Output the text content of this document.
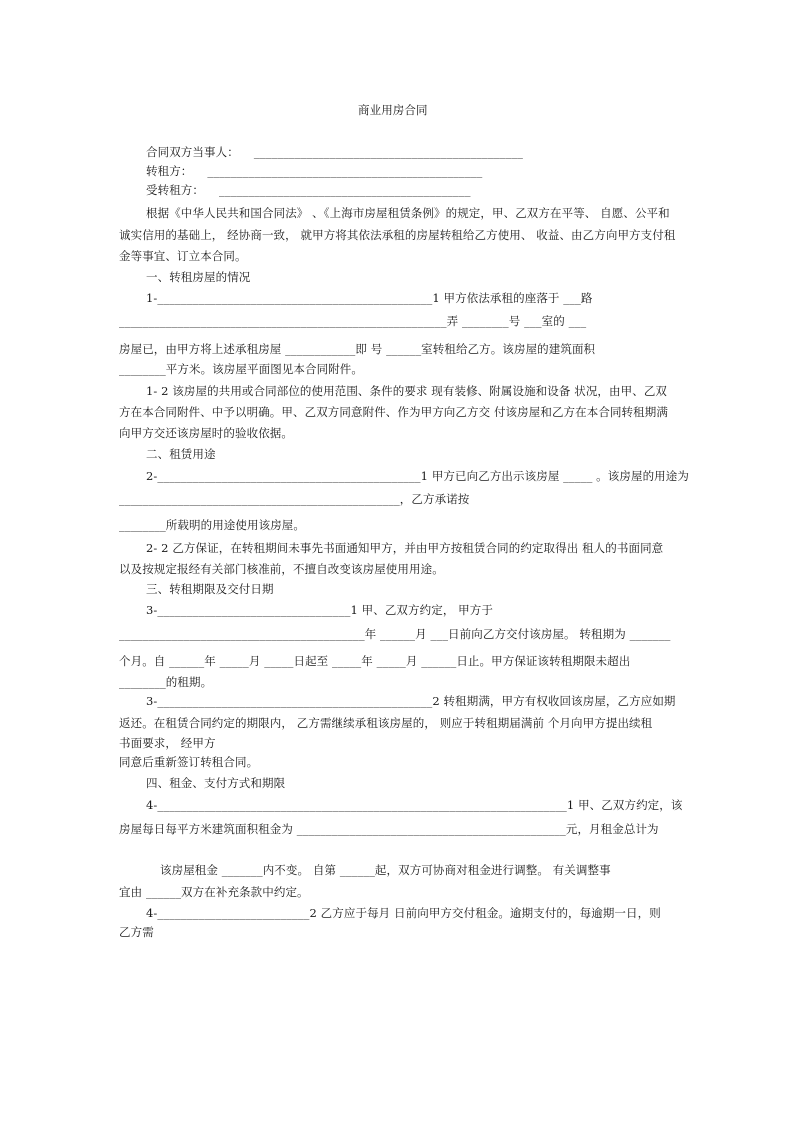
商业用房合同
合同双方当事人：    ______________________________________________
转租方：    _______________________________________________
受转租方：    ___________________________________________
根据《中华人民共和国合同法》 、《上海市房屋租赁条例》的规定，甲、乙双方在平等、 自愿、公平和
诚实信用的基础上， 经协商一致， 就甲方将其依法承租的房屋转租给乙方使用、 收益、由乙方向甲方支付租
金等事宜、订立本合同。
一、转租房屋的情况
1-_______________________________________________1 甲方依法承租的座落于 ___路
________________________________________________________弄 ________号 ___室的 ___
房屋已，由甲方将上述承租房屋 ____________即 号 ______室转租给乙方。该房屋的建筑面积
________平方米。该房屋平面图见本合同附件。
1- 2 该房屋的共用或合同部位的使用范围、条件的要求 现有装修、附属设施和设备 状况，由甲、乙双
方在本合同附件、中予以明确。甲、乙双方同意附件、作为甲方向乙方交 付该房屋和乙方在本合同转租期满
向甲方交还该房屋时的验收依据。
二、租赁用途
2-_____________________________________________1 甲方已向乙方出示该房屋 _____ 。该房屋的用途为
________________________________________________，乙方承诺按
________所载明的用途使用该房屋。
2- 2 乙方保证，在转租期间未事先书面通知甲方，并由甲方按租赁合同的约定取得出 租人的书面同意
以及按规定报经有关部门核准前，不擅自改变该房屋使用用途。
三、转租期限及交付日期
3-_________________________________1 甲、乙双方约定， 甲方于
__________________________________________年 ______月 ___日前向乙方交付该房屋。 转租期为 _______
个月。自 ______年 _____月 _____日起至 _____年 _____月 ______日止。甲方保证该转租期限未超出
________的租期。
3-_______________________________________________2 转租期满，甲方有权收回该房屋，乙方应如期
返还。在租赁合同约定的期限内， 乙方需继续承租该房屋的， 则应于转租期届满前 个月向甲方提出续租
书面要求， 经甲方
同意后重新签订转租合同。
四、租金、支付方式和期限
4-______________________________________________________________________1 甲、乙双方约定，该
房屋每日每平方米建筑面积租金为 ______________________________________________元，月租金总计为
该房屋租金 _______内不变。 自第 ______起，双方可协商对租金进行调整。 有关调整事
宜由 ______双方在补充条款中约定。
4-__________________________2 乙方应于每月 日前向甲方交付租金。逾期支付的，每逾期一日，则
乙方需
